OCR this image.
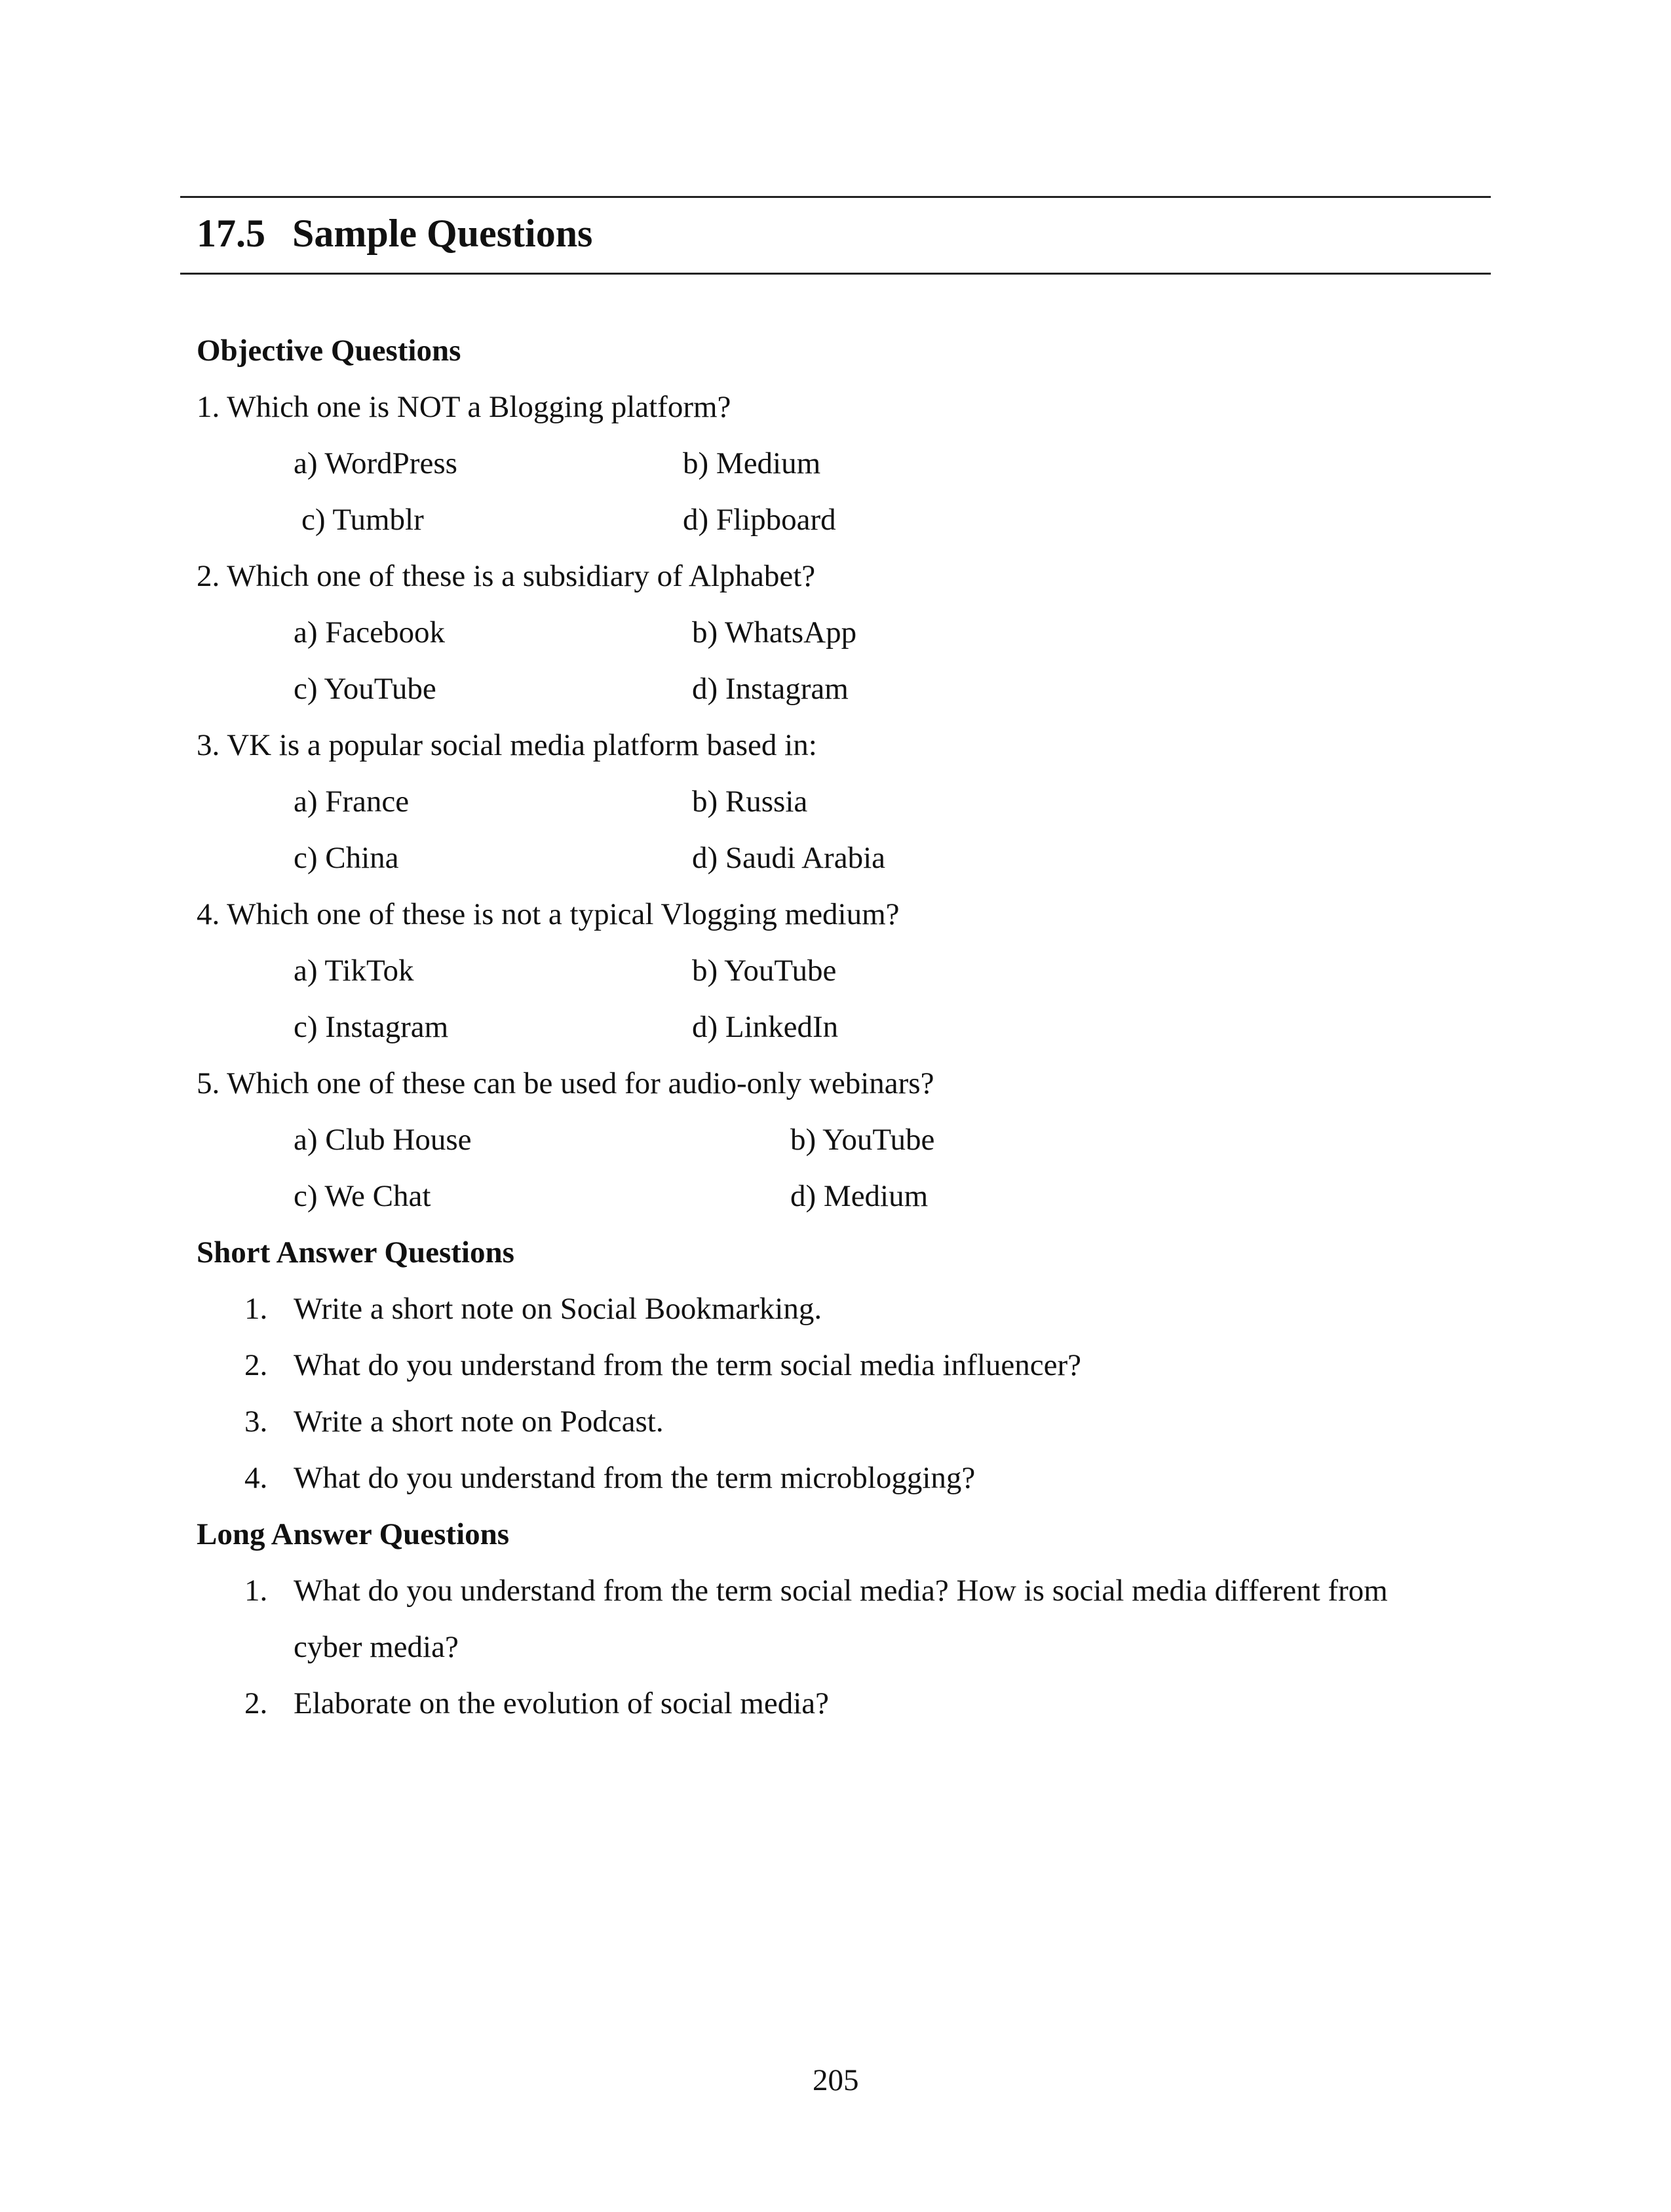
17.5 Sample Questions
Objective Questions
1. Which one is NOT a Blogging platform?
a) WordPress	b) Medium
c) Tumblr	d) Flipboard
2. Which one of these is a subsidiary of Alphabet?
a) Facebook	b) WhatsApp
c) YouTube	d) Instagram
3. VK is a popular social media platform based in:
a) France	b) Russia
c) China	d) Saudi Arabia
4. Which one of these is not a typical Vlogging medium?
a) TikTok	b) YouTube
c) Instagram	d) LinkedIn
5. Which one of these can be used for audio-only webinars?
a) Club House	b) YouTube
c) We Chat	d) Medium
Short Answer Questions
1. Write a short note on Social Bookmarking.
2. What do you understand from the term social media influencer?
3. Write a short note on Podcast.
4. What do you understand from the term microblogging?
Long Answer Questions
1. What do you understand from the term social media? How is social media different from
cyber media?
2. Elaborate on the evolution of social media?
205
